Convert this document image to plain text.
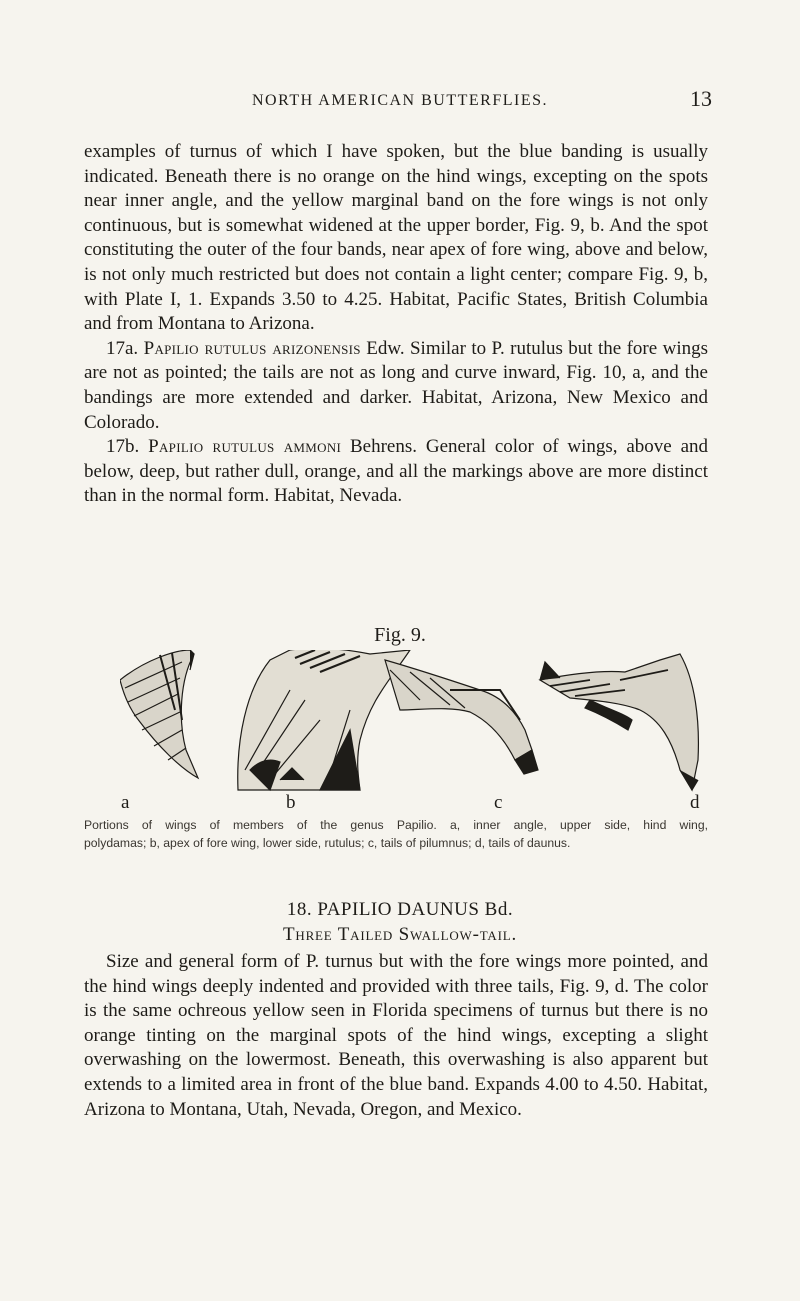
NORTH AMERICAN BUTTERFLIES.	13

examples of turnus of which I have spoken, but the blue banding is usually indicated. Beneath there is no orange on the hind wings, excepting on the spots near inner angle, and the yellow marginal band on the fore wings is not only continuous, but is somewhat widened at the upper border, Fig. 9, b. And the spot constituting the outer of the four bands, near apex of fore wing, above and below, is not only much restricted but does not contain a light center; compare Fig. 9, b, with Plate I, 1. Expands 3.50 to 4.25. Habitat, Pacific States, British Columbia and from Montana to Arizona.

17a. Papilio rutulus arizonensis Edw. Similar to P. rutulus but the fore wings are not as pointed; the tails are not as long and curve inward, Fig. 10, a, and the bandings are more extended and darker. Habitat, Arizona, New Mexico and Colorado.

17b. Papilio rutulus ammoni Behrens. General color of wings, above and below, deep, but rather dull, orange, and all the markings above are more distinct than in the normal form. Habitat, Nevada.

Fig. 9.
a	b	c	d

Portions of wings of members of the genus Papilio. a, inner angle, upper side, hind wing,

polydamas; b, apex of fore wing, lower side, rutulus; c, tails of pilumnus; d, tails of daunus.

18. PAPILIO DAUNUS Bd.
Three Tailed Swallow-tail.

Size and general form of P. turnus but with the fore wings more pointed, and the hind wings deeply indented and provided with three tails, Fig. 9, d. The color is the same ochreous yellow seen in Florida specimens of turnus but there is no orange tinting on the marginal spots of the hind wings, excepting a slight overwashing on the lowermost. Beneath, this overwashing is also apparent but extends to a limited area in front of the blue band. Expands 4.00 to 4.50. Habitat, Arizona to Montana, Utah, Nevada, Oregon, and Mexico.
